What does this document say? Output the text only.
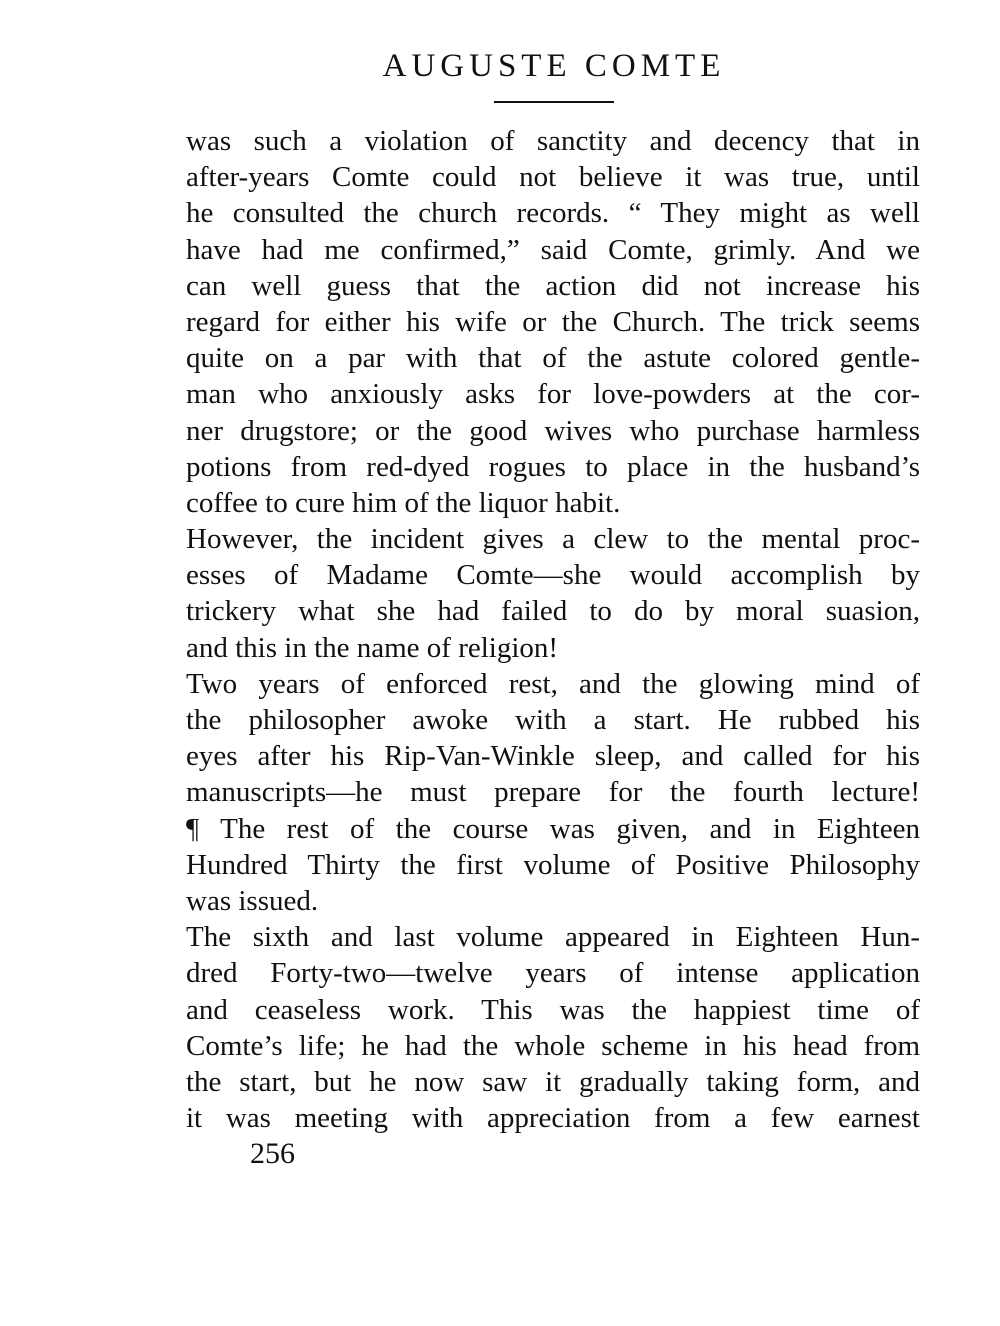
AUGUSTE COMTE
was such a violation of sanctity and decency that in
after-years Comte could not believe it was true, until
he consulted the church records. “ They might as well
have had me confirmed,” said Comte, grimly. And we
can well guess that the action did not increase his
regard for either his wife or the Church. The trick seems
quite on a par with that of the astute colored gentle-
man who anxiously asks for love-powders at the cor-
ner drugstore; or the good wives who purchase harmless
potions from red-dyed rogues to place in the husband’s
coffee to cure him of the liquor habit.
However, the incident gives a clew to the mental proc-
esses of Madame Comte—she would accomplish by
trickery what she had failed to do by moral suasion,
and this in the name of religion!
Two years of enforced rest, and the glowing mind of
the philosopher awoke with a start. He rubbed his
eyes after his Rip-Van-Winkle sleep, and called for his
manuscripts—he must prepare for the fourth lecture!
¶ The rest of the course was given, and in Eighteen
Hundred Thirty the first volume of Positive Philosophy
was issued.
The sixth and last volume appeared in Eighteen Hun-
dred Forty-two—twelve years of intense application
and ceaseless work. This was the happiest time of
Comte’s life; he had the whole scheme in his head from
the start, but he now saw it gradually taking form, and
it was meeting with appreciation from a few earnest
256
